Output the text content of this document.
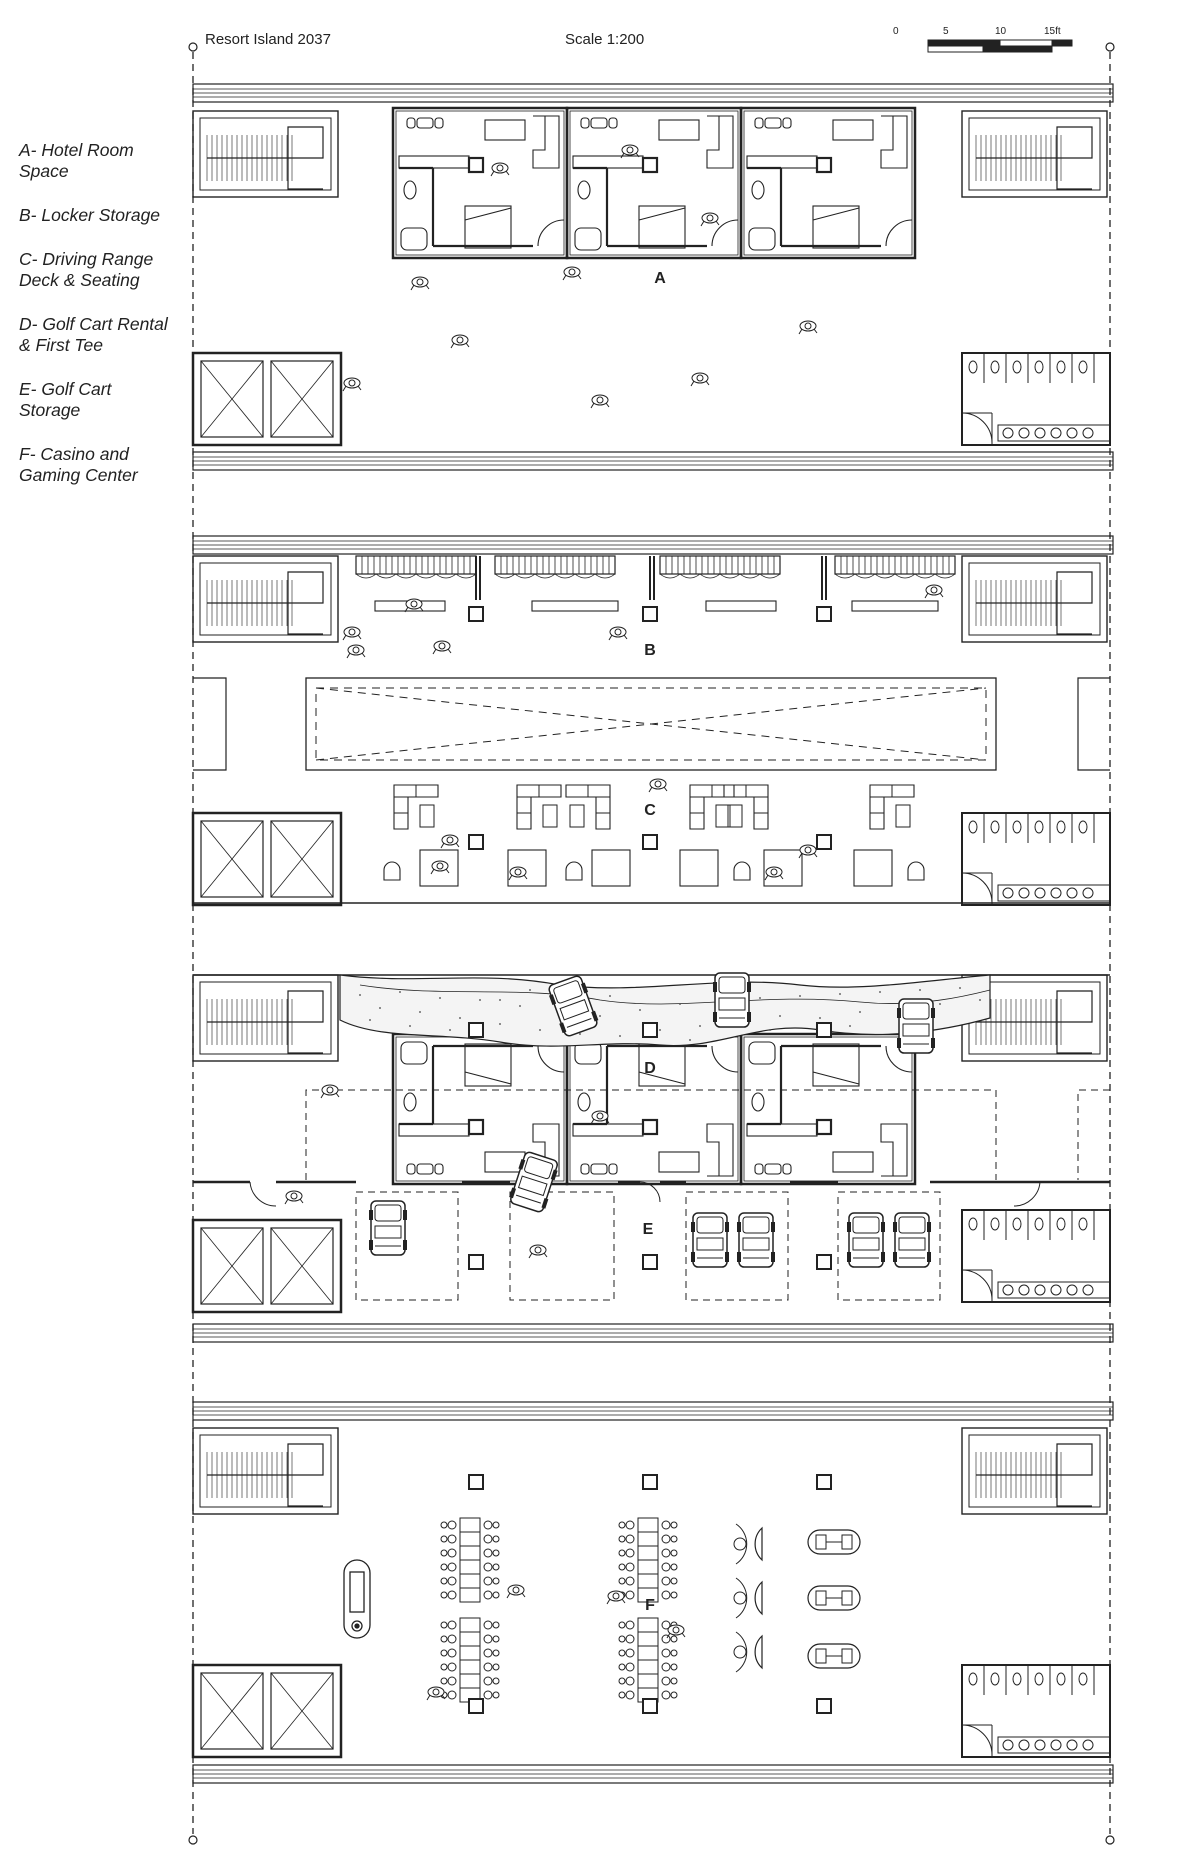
Resort Island 2037	Scale 1:200	0	5	10	15ft

A- Hotel Room
Space

B- Locker Storage

C- Driving Range
Deck & Seating

D- Golf Cart Rental
& First Tee

E- Golf Cart
Storage

F- Casino and
Gaming Center

A
B
C
D
E
F
